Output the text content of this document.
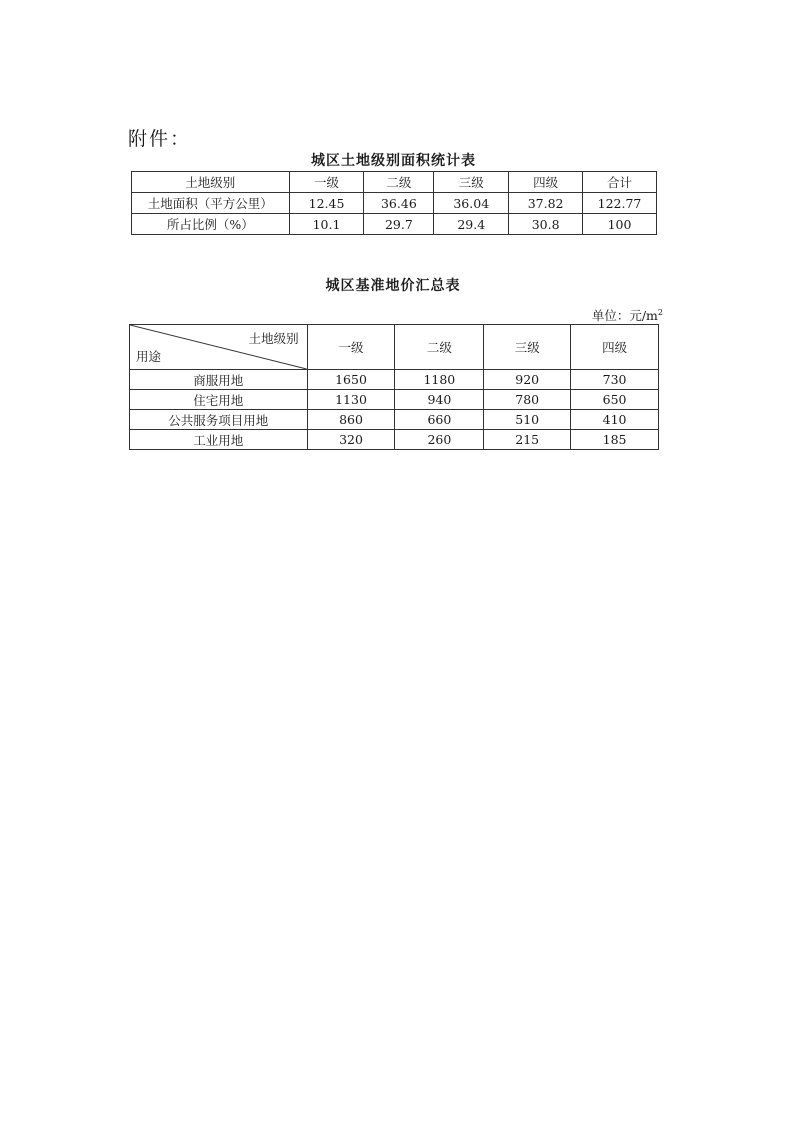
附件：
城区土地级别面积统计表
土地级别	一级	二级	三级	四级	合计
土地面积（平方公里）	12.45	36.46	36.04	37.82	122.77
所占比例（%）	10.1	29.7	29.4	30.8	100
城区基准地价汇总表
单位：元$/m^2$
土地级别
用途	一级	二级	三级	四级
商服用地	1650	1180	920	730
住宅用地	1130	940	780	650
公共服务项目用地	860	660	510	410
工业用地	320	260	215	185
